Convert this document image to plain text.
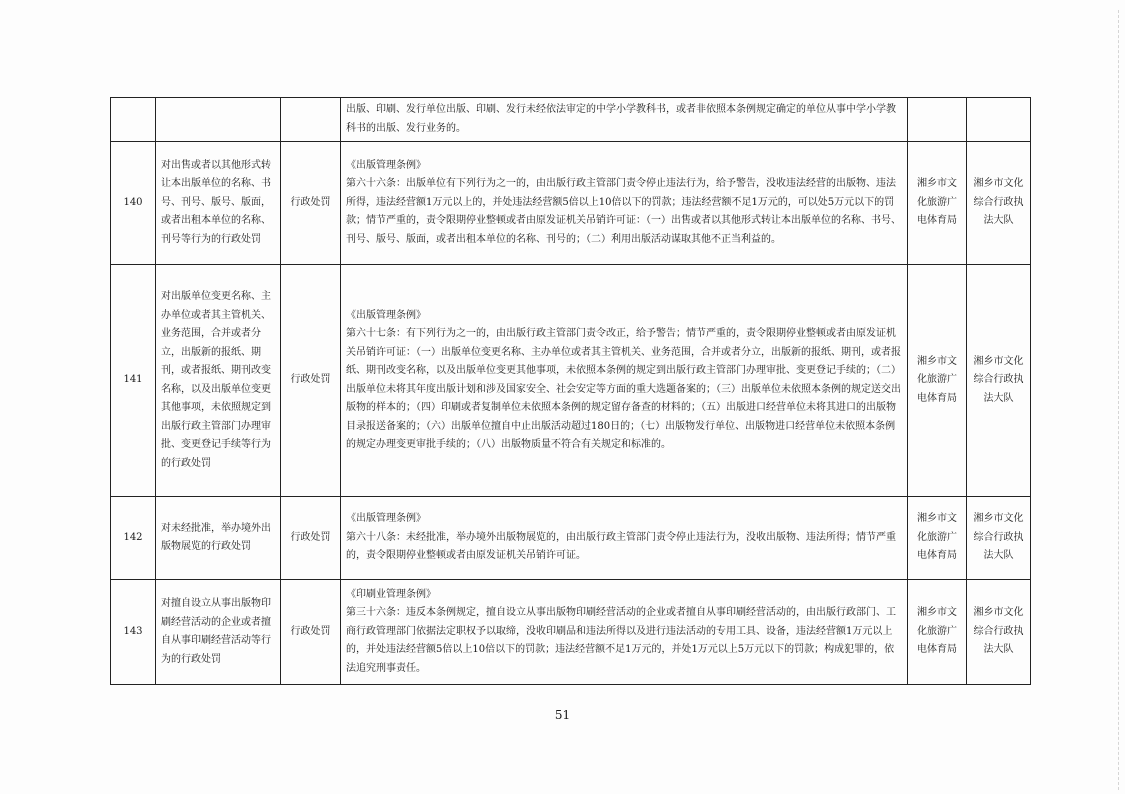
			出版、印刷、发行单位出版、印刷、发行未经依法审定的中学小学教科书，或者非依照本条例规定确定的单位从事中学小学教科书的出版、发行业务的。		

140	对出售或者以其他形式转让本出版单位的名称、书号、刊号、版号、版面，或者出租本单位的名称、刊号等行为的行政处罚	行政处罚	《出版管理条例》
第六十六条：出版单位有下列行为之一的，由出版行政主管部门责令停止违法行为，给予警告，没收违法经营的出版物、违法所得，违法经营额1万元以上的，并处违法经营额5倍以上10倍以下的罚款；违法经营额不足1万元的，可以处5万元以下的罚款；情节严重的，责令限期停业整顿或者由原发证机关吊销许可证：（一）出售或者以其他形式转让本出版单位的名称、书号、刊号、版号、版面，或者出租本单位的名称、刊号的；（二）利用出版活动谋取其他不正当利益的。	湘乡市文化旅游广电体育局	湘乡市文化综合行政执法大队
141	对出版单位变更名称、主办单位或者其主管机关、业务范围，合并或者分立，出版新的报纸、期刊，或者报纸、期刊改变名称，以及出版单位变更其他事项，未依照规定到出版行政主管部门办理审批、变更登记手续等行为的行政处罚	行政处罚	《出版管理条例》
第六十七条：有下列行为之一的，由出版行政主管部门责令改正，给予警告；情节严重的，责令限期停业整顿或者由原发证机关吊销许可证：（一）出版单位变更名称、主办单位或者其主管机关、业务范围，合并或者分立，出版新的报纸、期刊，或者报纸、期刊改变名称，以及出版单位变更其他事项，未依照本条例的规定到出版行政主管部门办理审批、变更登记手续的；（二）出版单位未将其年度出版计划和涉及国家安全、社会安定等方面的重大选题备案的；（三）出版单位未依照本条例的规定送交出版物的样本的；（四）印刷或者复制单位未依照本条例的规定留存备查的材料的；（五）出版进口经营单位未将其进口的出版物目录报送备案的；（六）出版单位擅自中止出版活动超过180日的；（七）出版物发行单位、出版物进口经营单位未依照本条例的规定办理变更审批手续的；（八）出版物质量不符合有关规定和标准的。	湘乡市文化旅游广电体育局	湘乡市文化综合行政执法大队
142	对未经批准，举办境外出版物展览的行政处罚	行政处罚	《出版管理条例》
第六十八条：未经批准，举办境外出版物展览的，由出版行政主管部门责令停止违法行为，没收出版物、违法所得；情节严重的，责令限期停业整顿或者由原发证机关吊销许可证。	湘乡市文化旅游广电体育局	湘乡市文化综合行政执法大队
143	对擅自设立从事出版物印刷经营活动的企业或者擅自从事印刷经营活动等行为的行政处罚	行政处罚	《印刷业管理条例》
第三十六条：违反本条例规定，擅自设立从事出版物印刷经营活动的企业或者擅自从事印刷经营活动的，由出版行政部门、工商行政管理部门依据法定职权予以取缔，没收印刷品和违法所得以及进行违法活动的专用工具、设备，违法经营额1万元以上的，并处违法经营额5倍以上10倍以下的罚款；违法经营额不足1万元的，并处1万元以上5万元以下的罚款；构成犯罪的，依法追究刑事责任。	湘乡市文化旅游广电体育局	湘乡市文化综合行政执法大队
51
